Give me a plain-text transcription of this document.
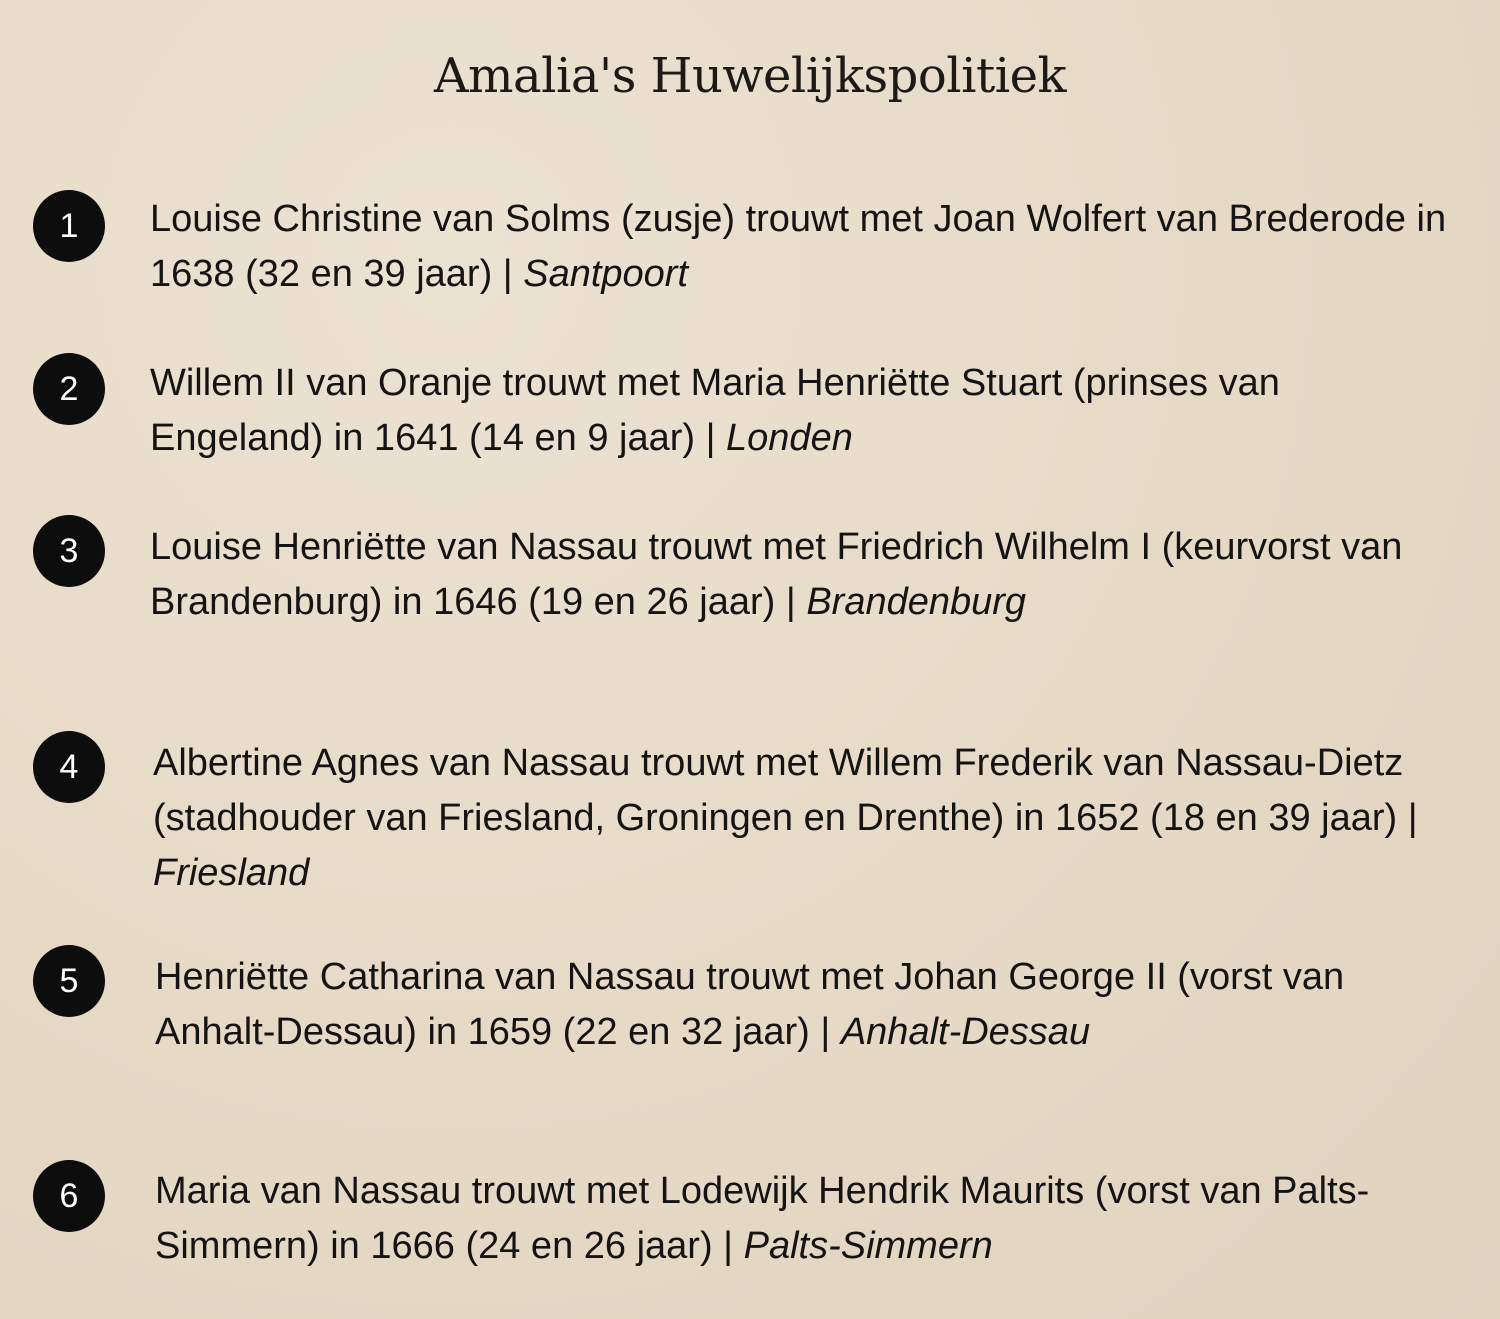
Amalia's Huwelijkspolitiek
1	Louise Christine van Solms (zusje) trouwt met Joan Wolfert van Brederode in 1638 (32 en 39 jaar) | Santpoort

2	Willem II van Oranje trouwt met Maria Henriëtte Stuart (prinses van Engeland) in 1641 (14 en 9 jaar) | Londen

3	Louise Henriëtte van Nassau trouwt met Friedrich Wilhelm I (keurvorst van Brandenburg) in 1646 (19 en 26 jaar) | Brandenburg

4	Albertine Agnes van Nassau trouwt met Willem Frederik van Nassau-Dietz (stadhouder van Friesland, Groningen en Drenthe) in 1652 (18 en 39 jaar) | Friesland

5	Henriëtte Catharina van Nassau trouwt met Johan George II (vorst van Anhalt-Dessau) in 1659 (22 en 32 jaar) | Anhalt-Dessau

6	Maria van Nassau trouwt met Lodewijk Hendrik Maurits (vorst van Palts-Simmern) in 1666 (24 en 26 jaar) | Palts-Simmern
